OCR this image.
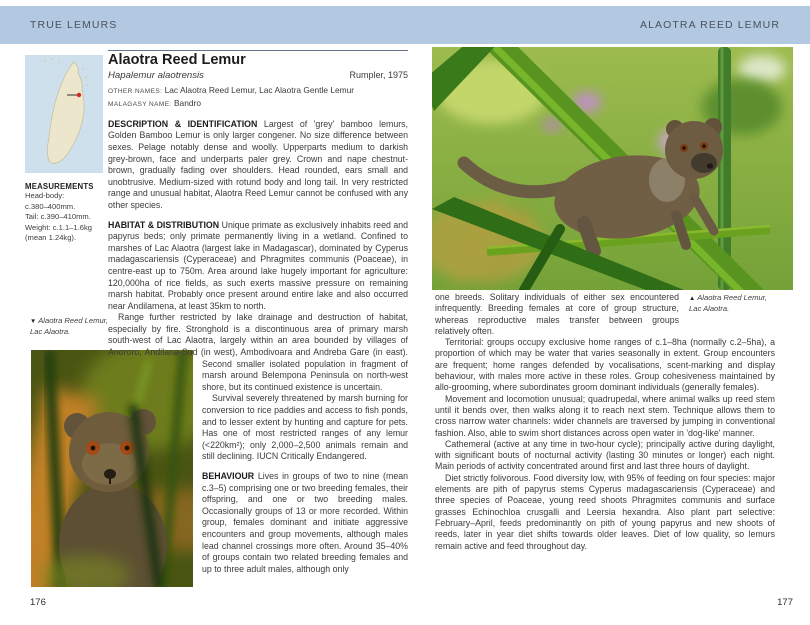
TRUE LEMURS	ALAOTRA REED LEMUR
MEASUREMENTS
Head-body:
c.380–400mm.
Tail: c.390–410mm.
Weight: c.1.1–1.6kg
(mean 1.24kg).
▼ Alaotra Reed Lemur, Lac Alaotra.
Alaotra Reed Lemur
Hapalemur alaotrensis	Rumpler, 1975
OTHER NAMES: Lac Alaotra Reed Lemur, Lac Alaotra Gentle Lemur
MALAGASY NAME: Bandro

DESCRIPTION & IDENTIFICATION Largest of 'grey' bamboo lemurs, Golden Bamboo Lemur is only larger congener. No size difference between sexes. Pelage notably dense and woolly. Upperparts medium to darkish grey-brown, face and underparts paler grey. Crown and nape chestnut-brown, gradually fading over shoulders. Head rounded, ears small and unobtrusive. Medium-sized with rotund body and long tail. In very restricted range and unusual habitat, Alaotra Reed Lemur cannot be confused with any other species.

HABITAT & DISTRIBUTION Unique primate as exclusively inhabits reed and papyrus beds; only primate permanently living in a wetland. Confined to marshes of Lac Alaotra (largest lake in Madagascar), dominated by Cyperus madagascariensis (Cyperaceae) and Phragmites communis (Poaceae), in centre-east up to 750m. Area around lake hugely important for agriculture: 120,000ha of rice fields, as such exerts massive pressure on remaining marsh habitat. Probably once present around entire lake and also occurred near Andilamena, at least 35km to north.

Range further restricted by lake drainage and destruction of habitat, especially by fire. Stronghold is a discontinuous area of primary marsh south-west of Lac Alaotra, largely within an area bounded by villages of Anororo, Andilana-Sud (in west), Ambodivoara and Andreba Gare (in east). Second smaller isolated population in fragment of marsh around Belempona Peninsula on north-west shore, but its continued existence is uncertain.

Survival severely threatened by marsh burning for conversion to rice paddies and access to fish ponds, and to lesser extent by hunting and capture for pets. Has one of most restricted ranges of any lemur (<220km²); only 2,000–2,500 animals remain and still declining. IUCN Critically Endangered.

BEHAVIOUR Lives in groups of two to nine (mean c.3–5) comprising one or two breeding females, their offspring, and one or two breeding males. Occasionally groups of 13 or more recorded. Within group, females dominant and initiate aggressive encounters and group movements, although males lead channel crossings more often. Around 35–40% of groups contain two related breeding females and up to three adult males, although only

▲ Alaotra Reed Lemur, Lac Alaotra.

one breeds. Solitary individuals of either sex encountered infrequently. Breeding females at core of group structure, whereas reproductive males transfer between groups relatively often.

Territorial: groups occupy exclusive home ranges of c.1–8ha (normally c.2–5ha), a proportion of which may be water that varies seasonally in extent. Group encounters are frequent; home ranges defended by vocalisations, scent-marking and display behaviour, with males more active in these roles. Group cohesiveness maintained by allo-grooming, where subordinates groom dominant individuals (generally females).

Movement and locomotion unusual; quadrupedal, where animal walks up reed stem until it bends over, then walks along it to reach next stem. Technique allows them to cross narrow water channels: wider channels are traversed by jumping in conventional fashion. Also, able to swim short distances across open water in 'dog-like' manner.

Cathemeral (active at any time in two-hour cycle); principally active during daylight, with significant bouts of nocturnal activity (lasting 30 minutes or longer) each night. Main periods of activity concentrated around first and last three hours of daylight.

Diet strictly folivorous. Food diversity low, with 95% of feeding on four species: major elements are pith of papyrus stems Cyperus madagascariensis (Cyperaceae) and three species of Poaceae, young reed shoots Phragmites communis and surface grasses Echinochloa crusgalli and Leersia hexandra. Also plant part selective: February–April, feeds predominantly on pith of young papyrus and new shoots of reeds, later in year diet shifts towards older leaves. Diet of low quality, so lemurs remain active and feed throughout day.

176	177
